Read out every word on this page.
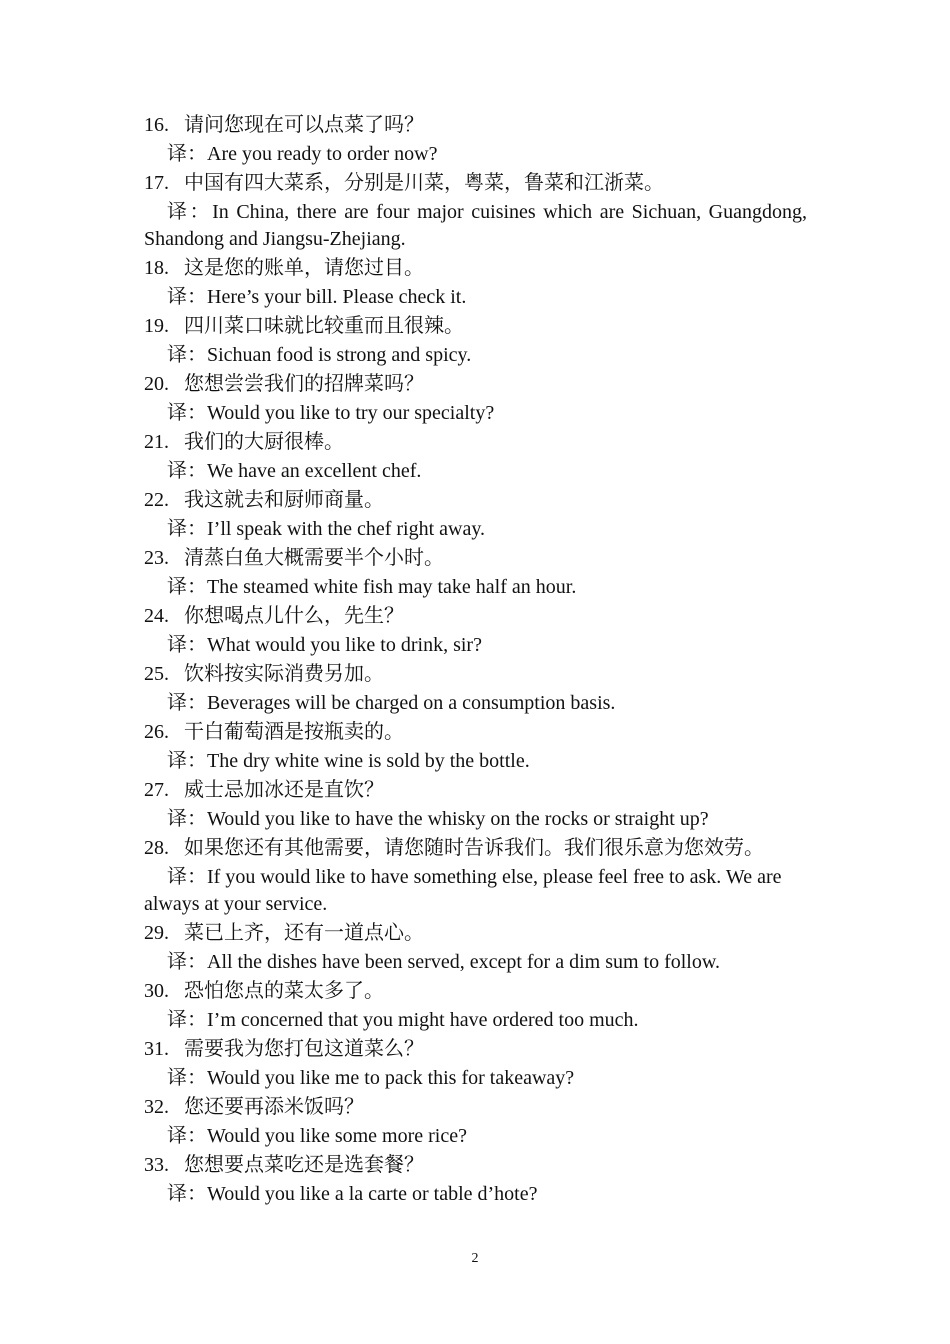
16. 请问您现在可以点菜了吗？
译：Are you ready to order now?
17. 中国有四大菜系，分别是川菜，粤菜，鲁菜和江浙菜。
译：In China, there are four major cuisines which are Sichuan, Guangdong, Shandong and Jiangsu-Zhejiang.
18. 这是您的账单，请您过目。
译：Here’s your bill. Please check it.
19. 四川菜口味就比较重而且很辣。
译：Sichuan food is strong and spicy.
20. 您想尝尝我们的招牌菜吗？
译：Would you like to try our specialty?
21. 我们的大厨很棒。
译：We have an excellent chef.
22. 我这就去和厨师商量。
译：I’ll speak with the chef right away.
23. 清蒸白鱼大概需要半个小时。
译：The steamed white fish may take half an hour.
24. 你想喝点儿什么，先生？
译：What would you like to drink, sir?
25. 饮料按实际消费另加。
译：Beverages will be charged on a consumption basis.
26. 干白葡萄酒是按瓶卖的。
译：The dry white wine is sold by the bottle.
27. 威士忌加冰还是直饮？
译：Would you like to have the whisky on the rocks or straight up?
28. 如果您还有其他需要，请您随时告诉我们。我们很乐意为您效劳。
译：If you would like to have something else, please feel free to ask. We are always at your service.
29. 菜已上齐，还有一道点心。
译：All the dishes have been served, except for a dim sum to follow.
30. 恐怕您点的菜太多了。
译：I’m concerned that you might have ordered too much.
31. 需要我为您打包这道菜么？
译：Would you like me to pack this for takeaway?
32. 您还要再添米饭吗？
译：Would you like some more rice?
33. 您想要点菜吃还是选套餐？
译：Would you like a la carte or table d’hote?
2
